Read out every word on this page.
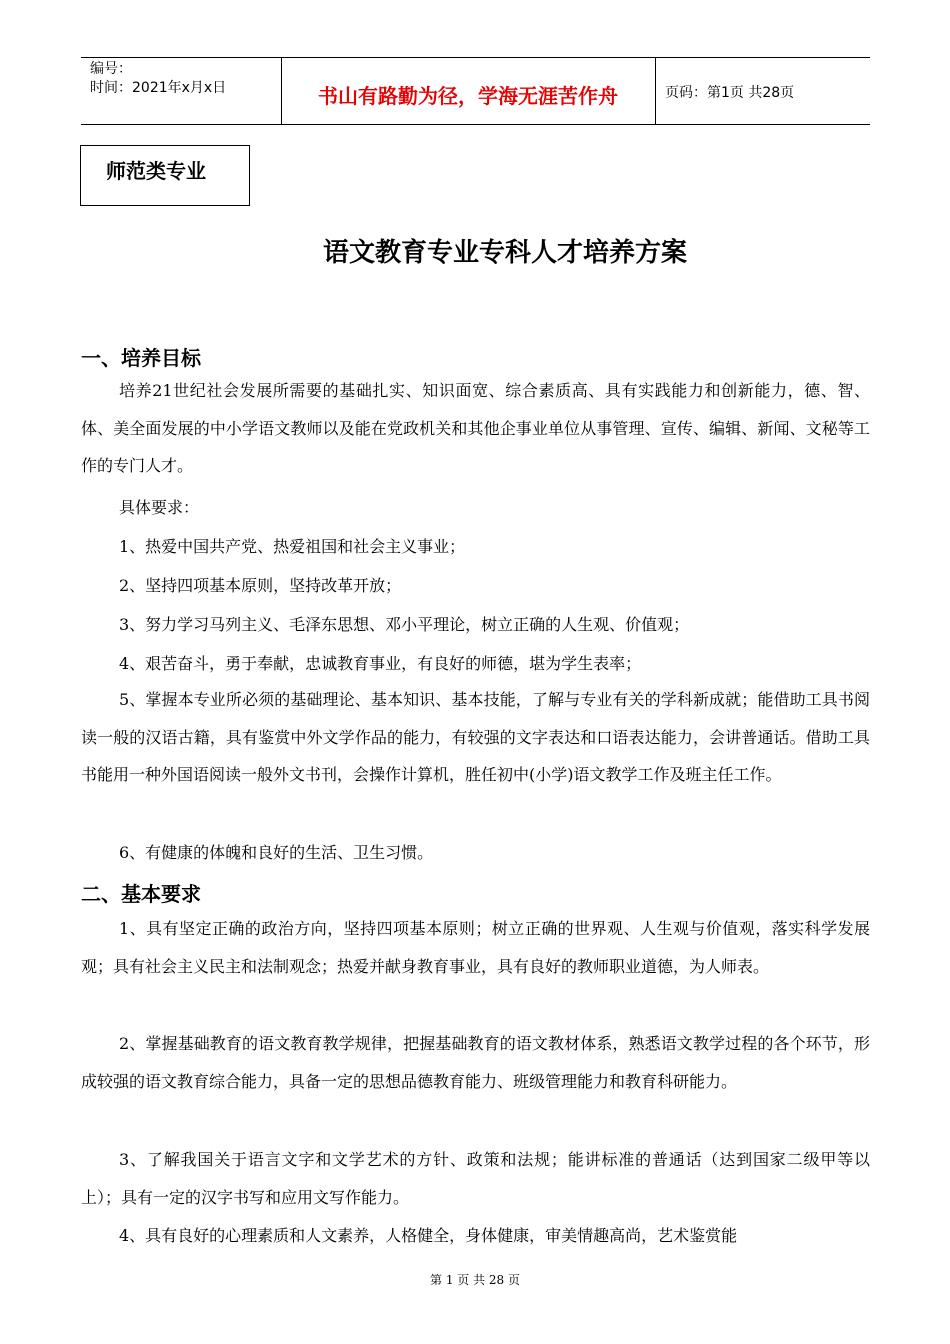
编号：
时间：2021年x月x日	书山有路勤为径，学海无涯苦作舟	页码：第1页 共28页
师范类专业
语文教育专业专科人才培养方案
一、培养目标

培养21世纪社会发展所需要的基础扎实、知识面宽、综合素质高、具有实践能力和创新能力，德、智、体、美全面发展的中小学语文教师以及能在党政机关和其他企事业单位从事管理、宣传、编辑、新闻、文秘等工作的专门人才。

具体要求：

1、热爱中国共产党、热爱祖国和社会主义事业；

2、坚持四项基本原则，坚持改革开放；

3、努力学习马列主义、毛泽东思想、邓小平理论，树立正确的人生观、价值观；

4、艰苦奋斗，勇于奉献，忠诚教育事业，有良好的师德，堪为学生表率；

5、掌握本专业所必须的基础理论、基本知识、基本技能，了解与专业有关的学科新成就；能借助工具书阅读一般的汉语古籍，具有鉴赏中外文学作品的能力，有较强的文字表达和口语表达能力，会讲普通话。借助工具书能用一种外国语阅读一般外文书刊，会操作计算机，胜任初中(小学)语文教学工作及班主任工作。

6、有健康的体魄和良好的生活、卫生习惯。

二、基本要求

1、具有坚定正确的政治方向，坚持四项基本原则；树立正确的世界观、人生观与价值观，落实科学发展观；具有社会主义民主和法制观念；热爱并献身教育事业，具有良好的教师职业道德，为人师表。

2、掌握基础教育的语文教育教学规律，把握基础教育的语文教材体系，熟悉语文教学过程的各个环节，形成较强的语文教育综合能力，具备一定的思想品德教育能力、班级管理能力和教育科研能力。

3、了解我国关于语言文字和文学艺术的方针、政策和法规；能讲标准的普通话（达到国家二级甲等以上）；具有一定的汉字书写和应用文写作能力。

4、具有良好的心理素质和人文素养，人格健全，身体健康，审美情趣高尚，艺术鉴赏能

第 1 页 共 28 页
